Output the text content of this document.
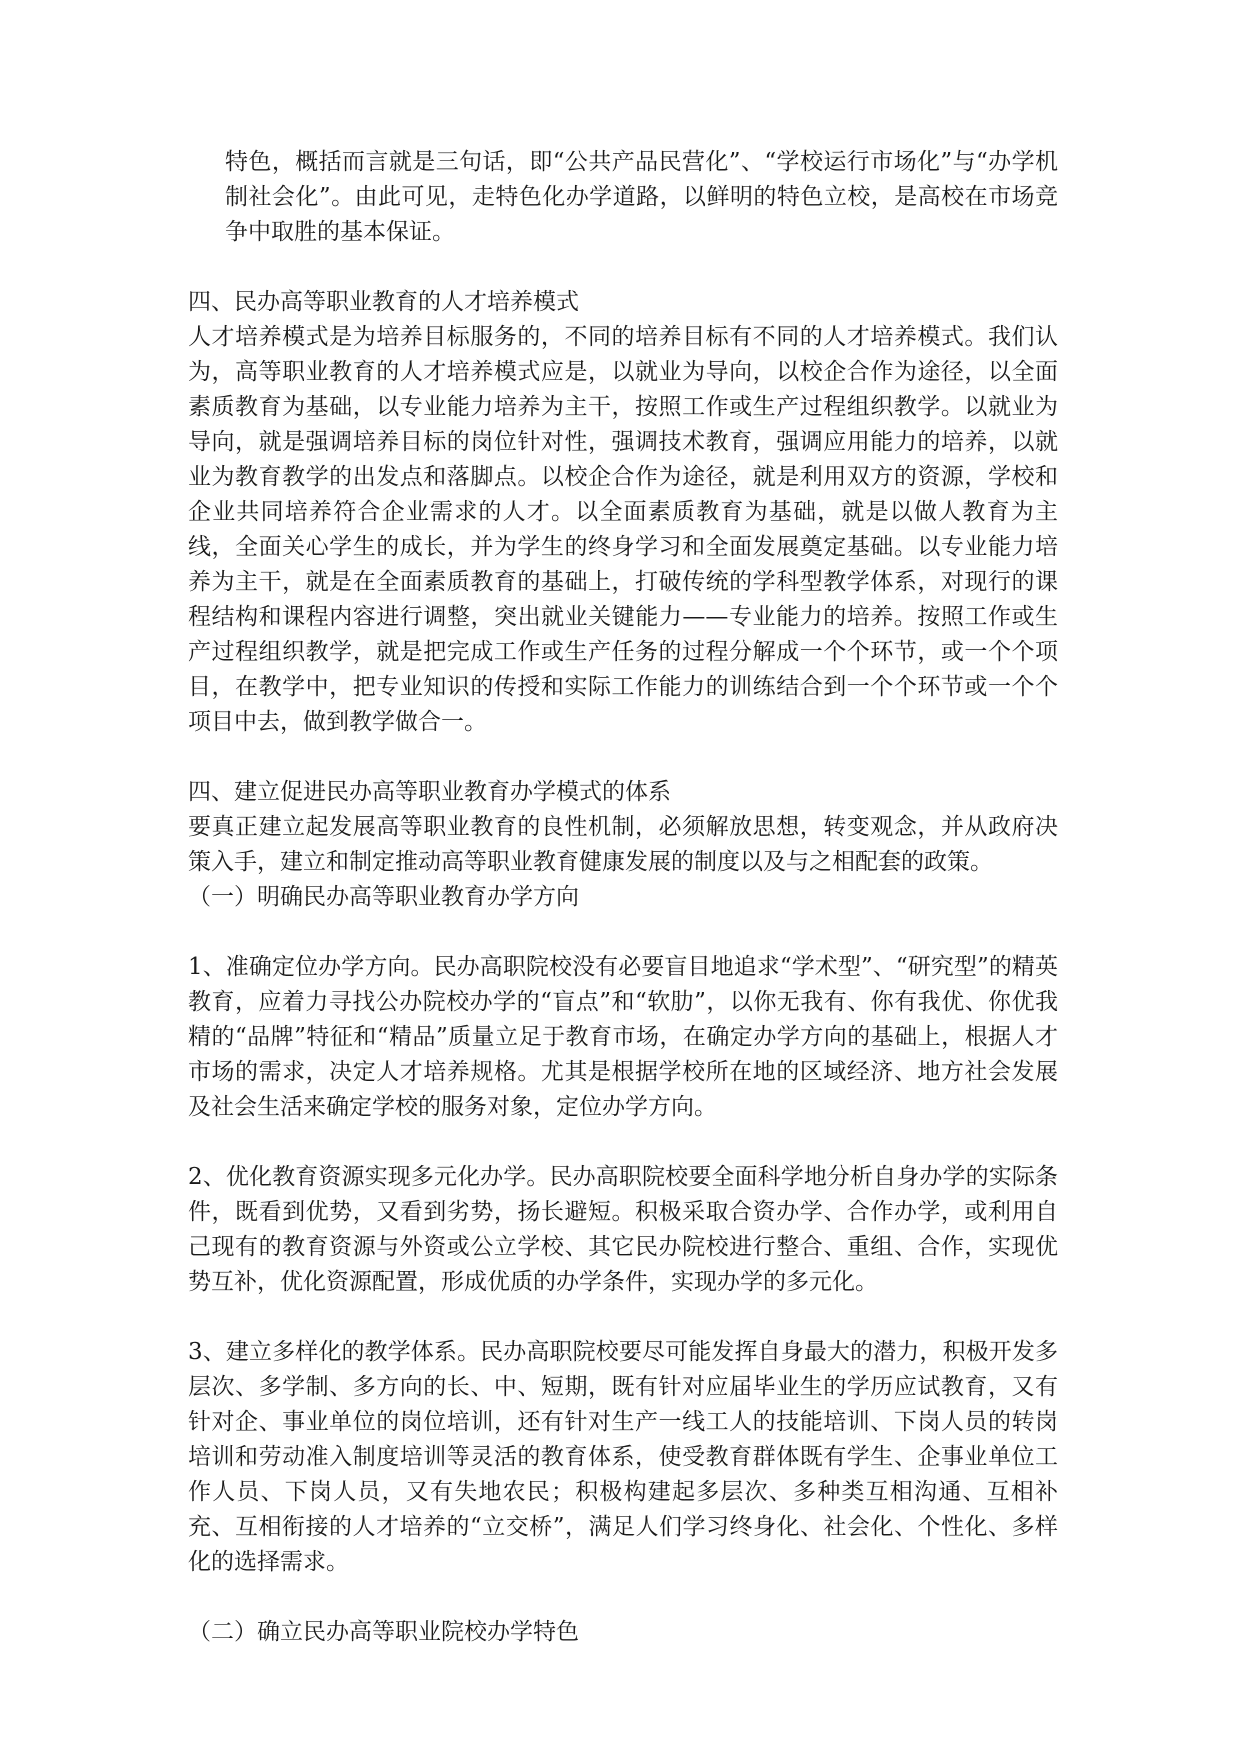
特色，概括而言就是三句话，即“公共产品民营化”、“学校运行市场化”与“办学机制社会化”。由此可见，走特色化办学道路，以鲜明的特色立校，是高校在市场竞争中取胜的基本保证。

四、民办高等职业教育的人才培养模式

人才培养模式是为培养目标服务的，不同的培养目标有不同的人才培养模式。我们认为，高等职业教育的人才培养模式应是，以就业为导向，以校企合作为途径，以全面素质教育为基础，以专业能力培养为主干，按照工作或生产过程组织教学。以就业为导向，就是强调培养目标的岗位针对性，强调技术教育，强调应用能力的培养，以就业为教育教学的出发点和落脚点。以校企合作为途径，就是利用双方的资源，学校和企业共同培养符合企业需求的人才。以全面素质教育为基础，就是以做人教育为主线，全面关心学生的成长，并为学生的终身学习和全面发展奠定基础。以专业能力培养为主干，就是在全面素质教育的基础上，打破传统的学科型教学体系，对现行的课程结构和课程内容进行调整，突出就业关键能力——专业能力的培养。按照工作或生产过程组织教学，就是把完成工作或生产任务的过程分解成一个个环节，或一个个项目，在教学中，把专业知识的传授和实际工作能力的训练结合到一个个环节或一个个项目中去，做到教学做合一。

四、建立促进民办高等职业教育办学模式的体系

要真正建立起发展高等职业教育的良性机制，必须解放思想，转变观念，并从政府决策入手，建立和制定推动高等职业教育健康发展的制度以及与之相配套的政策。

（一）明确民办高等职业教育办学方向

1、准确定位办学方向。民办高职院校没有必要盲目地追求“学术型”、“研究型”的精英教育，应着力寻找公办院校办学的“盲点”和“软肋”，以你无我有、你有我优、你优我精的“品牌”特征和“精品”质量立足于教育市场，在确定办学方向的基础上，根据人才市场的需求，决定人才培养规格。尤其是根据学校所在地的区域经济、地方社会发展及社会生活来确定学校的服务对象，定位办学方向。

2、优化教育资源实现多元化办学。民办高职院校要全面科学地分析自身办学的实际条件，既看到优势，又看到劣势，扬长避短。积极采取合资办学、合作办学，或利用自己现有的教育资源与外资或公立学校、其它民办院校进行整合、重组、合作，实现优势互补，优化资源配置，形成优质的办学条件，实现办学的多元化。

3、建立多样化的教学体系。民办高职院校要尽可能发挥自身最大的潜力，积极开发多层次、多学制、多方向的长、中、短期，既有针对应届毕业生的学历应试教育，又有针对企、事业单位的岗位培训，还有针对生产一线工人的技能培训、下岗人员的转岗培训和劳动准入制度培训等灵活的教育体系，使受教育群体既有学生、企事业单位工作人员、下岗人员，又有失地农民；积极构建起多层次、多种类互相沟通、互相补充、互相衔接的人才培养的“立交桥”，满足人们学习终身化、社会化、个性化、多样化的选择需求。

（二）确立民办高等职业院校办学特色
